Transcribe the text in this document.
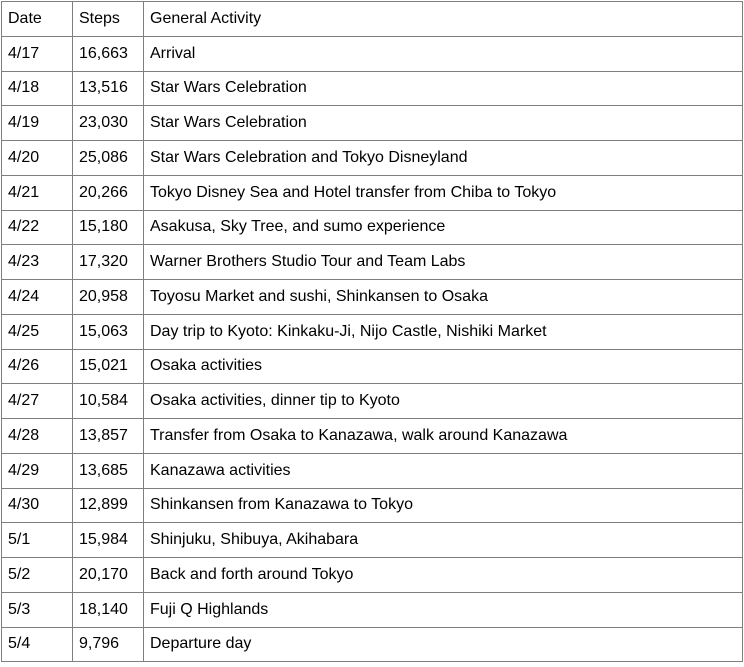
Date	Steps	General Activity
4/17	16,663	Arrival
4/18	13,516	Star Wars Celebration
4/19	23,030	Star Wars Celebration
4/20	25,086	Star Wars Celebration and Tokyo Disneyland
4/21	20,266	Tokyo Disney Sea and Hotel transfer from Chiba to Tokyo
4/22	15,180	Asakusa, Sky Tree, and sumo experience
4/23	17,320	Warner Brothers Studio Tour and Team Labs
4/24	20,958	Toyosu Market and sushi, Shinkansen to Osaka
4/25	15,063	Day trip to Kyoto: Kinkaku-Ji, Nijo Castle, Nishiki Market
4/26	15,021	Osaka activities
4/27	10,584	Osaka activities, dinner tip to Kyoto
4/28	13,857	Transfer from Osaka to Kanazawa, walk around Kanazawa
4/29	13,685	Kanazawa activities
4/30	12,899	Shinkansen from Kanazawa to Tokyo
5/1	15,984	Shinjuku, Shibuya, Akihabara
5/2	20,170	Back and forth around Tokyo
5/3	18,140	Fuji Q Highlands
5/4	9,796	Departure day
